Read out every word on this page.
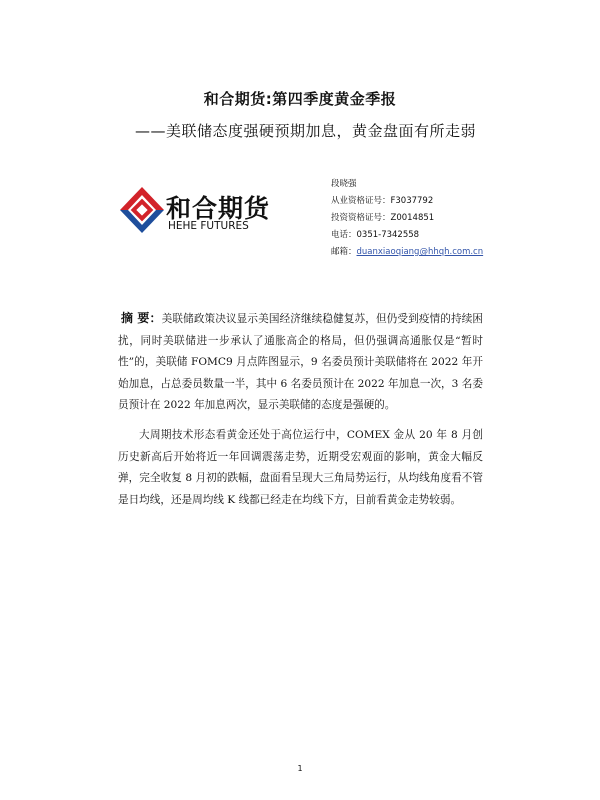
和合期货:第四季度黄金季报
——美联储态度强硬预期加息，黄金盘面有所走弱
和合期货
HEHE FUTURES
段晓强
从业资格证号：F3037792
投资资格证号：Z0014851
电话：0351-7342558
邮箱：duanxiaoqiang@hhqh.com.cn
摘 要：美联储政策决议显示美国经济继续稳健复苏，但仍受到疫情的持续困扰，同时美联储进一步承认了通胀高企的格局，但仍强调高通胀仅是“暂时性”的，美联储 FOMC9 月点阵图显示，9 名委员预计美联储将在 2022 年开始加息，占总委员数量一半，其中 6 名委员预计在 2022 年加息一次，3 名委员预计在 2022 年加息两次，显示美联储的态度是强硬的。
大周期技术形态看黄金还处于高位运行中，COMEX 金从 20 年 8 月创历史新高后开始将近一年回调震荡走势，近期受宏观面的影响，黄金大幅反弹，完全收复 8 月初的跌幅，盘面看呈现大三角局势运行，从均线角度看不管是日均线，还是周均线 K 线都已经走在均线下方，目前看黄金走势较弱。
1
